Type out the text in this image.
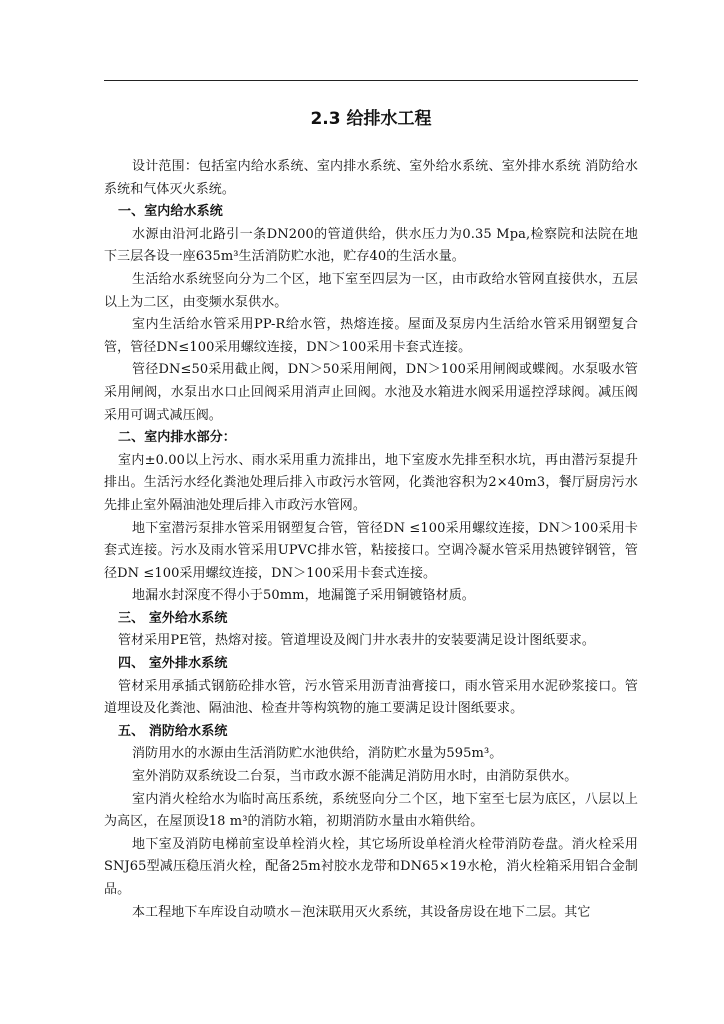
2.3 给排水工程

设计范围：包括室内给水系统、室内排水系统、室外给水系统、室外排水系统 消防给水系统和气体灭火系统。

一、室内给水系统

水源由沿河北路引一条DN200的管道供给，供水压力为0.35 Mpa,检察院和法院在地下三层各设一座635m³生活消防贮水池，贮存40的生活水量。

生活给水系统竖向分为二个区，地下室至四层为一区，由市政给水管网直接供水，五层以上为二区，由变频水泵供水。

室内生活给水管采用PP-R给水管，热熔连接。屋面及泵房内生活给水管采用钢塑复合管，管径DN≤100采用螺纹连接，DN＞100采用卡套式连接。

管径DN≤50采用截止阀，DN＞50采用闸阀，DN＞100采用闸阀或蝶阀。水泵吸水管采用闸阀，水泵出水口止回阀采用消声止回阀。水池及水箱进水阀采用遥控浮球阀。减压阀采用可调式减压阀。

二、室内排水部分：

室内±0.00以上污水、雨水采用重力流排出，地下室废水先排至积水坑，再由潜污泵提升排出。生活污水经化粪池处理后排入市政污水管网，化粪池容积为2×40m3，餐厅厨房污水先排止室外隔油池处理后排入市政污水管网。

地下室潜污泵排水管采用钢塑复合管，管径DN ≤100采用螺纹连接，DN＞100采用卡套式连接。污水及雨水管采用UPVC排水管，粘接接口。空调冷凝水管采用热镀锌钢管，管径DN ≤100采用螺纹连接，DN＞100采用卡套式连接。

地漏水封深度不得小于50mm，地漏篦子采用铜镀铬材质。

三、 室外给水系统

管材采用PE管，热熔对接。管道埋设及阀门井水表井的安装要满足设计图纸要求。

四、 室外排水系统

管材采用承插式钢筋砼排水管，污水管采用沥青油膏接口，雨水管采用水泥砂浆接口。管道埋设及化粪池、隔油池、检查井等构筑物的施工要满足设计图纸要求。

五、 消防给水系统

消防用水的水源由生活消防贮水池供给，消防贮水量为595m³。

室外消防双系统设二台泵，当市政水源不能满足消防用水时，由消防泵供水。

室内消火栓给水为临时高压系统，系统竖向分二个区，地下室至七层为底区，八层以上为高区，在屋顶设18 m³的消防水箱，初期消防水量由水箱供给。

地下室及消防电梯前室设单栓消火栓，其它场所设单栓消火栓带消防卷盘。消火栓采用SNJ65型减压稳压消火栓，配备25m衬胶水龙带和DN65×19水枪，消火栓箱采用铝合金制品。

本工程地下车库设自动喷水－泡沫联用灭火系统，其设备房设在地下二层。其它
